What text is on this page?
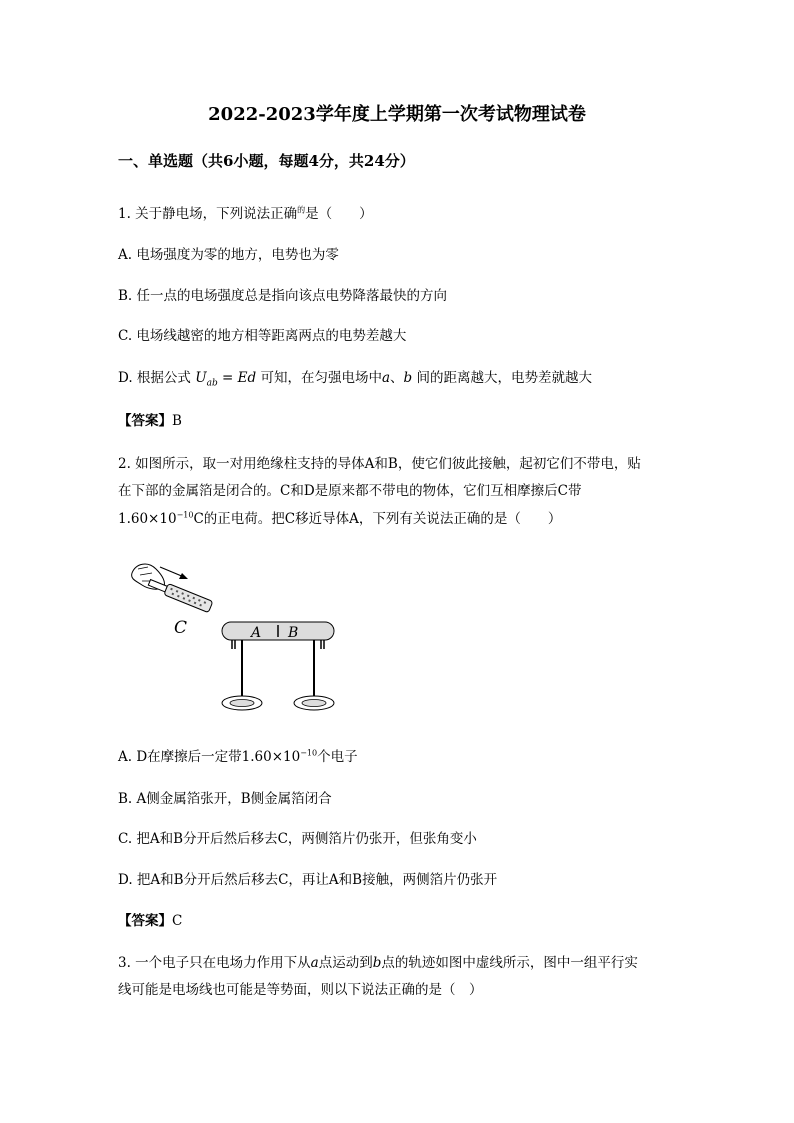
2022-2023学年度上学期第一次考试物理试卷
一、单选题（共6小题，每题4分，共24分）
1. 关于静电场，下列说法正确$^的$是（　　）
A. 电场强度为零的地方，电势也为零
B. 任一点的电场强度总是指向该点电势降落最快的方向
C. 电场线越密的地方相等距离两点的电势差越大
D. 根据公式 $U_{ab} = Ed$ 可知，在匀强电场中a、b 间的距离越大，电势差就越大
【答案】B
2. 如图所示，取一对用绝缘柱支持的导体A和B，使它们彼此接触，起初它们不带电，贴
在下部的金属箔是闭合的。C和D是原来都不带电的物体，它们互相摩擦后C带
$1.60\times 10^{-10}C$的正电荷。把C移近导体A，下列有关说法正确的是（　　）
C	A B
A. D在摩擦后一定带$1.60\times 10^{-10}$个电子
B. A侧金属箔张开，B侧金属箔闭合
C. 把A和B分开后然后移去C，两侧箔片仍张开，但张角变小
D. 把A和B分开后然后移去C，再让A和B接触，两侧箔片仍张开
【答案】C
3. 一个电子只在电场力作用下从a点运动到b点的轨迹如图中虚线所示，图中一组平行实
线可能是电场线也可能是等势面，则以下说法正确的是（　）
